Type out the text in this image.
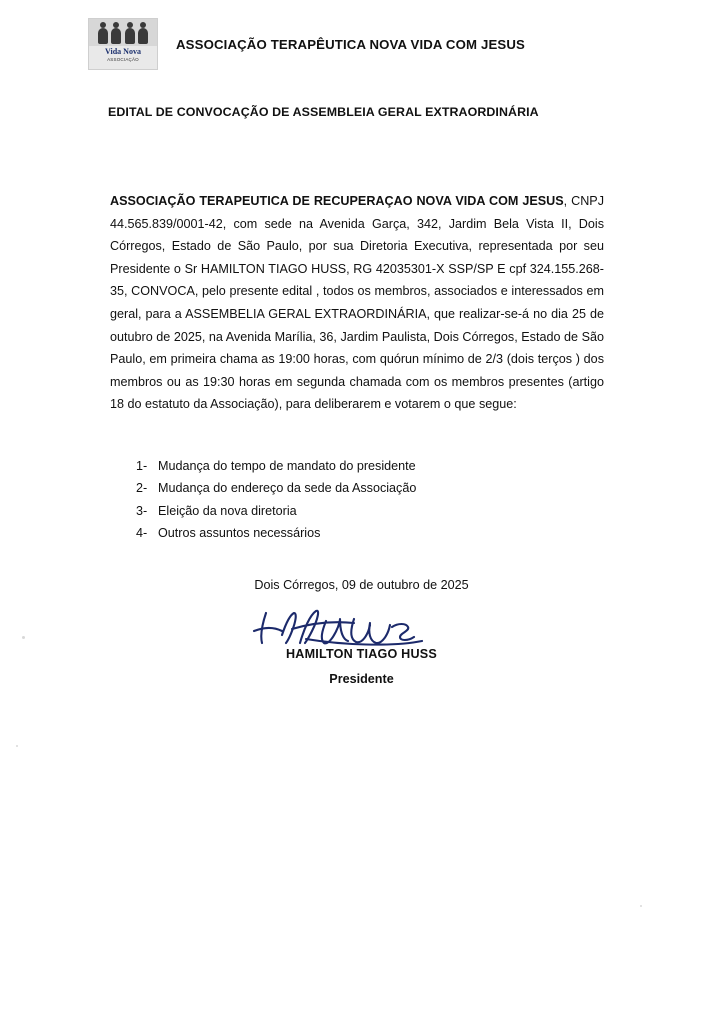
Vida Nova
ASSOCIAÇÃO
ASSOCIAÇÃO TERAPÊUTICA NOVA VIDA COM JESUS
EDITAL DE CONVOCAÇÃO DE ASSEMBLEIA GERAL EXTRAORDINÁRIA

ASSOCIAÇÃO TERAPEUTICA DE RECUPERAÇAO NOVA VIDA COM JESUS, CNPJ 44.565.839/0001-42, com sede na Avenida Garça, 342, Jardim Bela Vista II, Dois Córregos, Estado de São Paulo, por sua Diretoria Executiva, representada por seu Presidente o Sr HAMILTON TIAGO HUSS, RG 42035301-X SSP/SP E cpf 324.155.268-35, CONVOCA, pelo presente edital , todos os membros, associados e interessados em geral, para a ASSEMBELIA GERAL EXTRAORDINÁRIA, que realizar-se-á no dia 25 de outubro de 2025, na Avenida Marília, 36, Jardim Paulista, Dois Córregos, Estado de São Paulo, em primeira chama as 19:00 horas, com quórun mínimo de 2/3 (dois terços ) dos membros ou as 19:30 horas em segunda chamada com os membros presentes (artigo 18 do estatuto da Associação), para deliberarem e votarem o que segue:

1- Mudança do tempo de mandato do presidente
2- Mudança do endereço da sede da Associação
3- Eleição da nova diretoria
4- Outros assuntos necessários
Dois Córregos, 09 de outubro de 2025
HAMILTON TIAGO HUSS
Presidente
